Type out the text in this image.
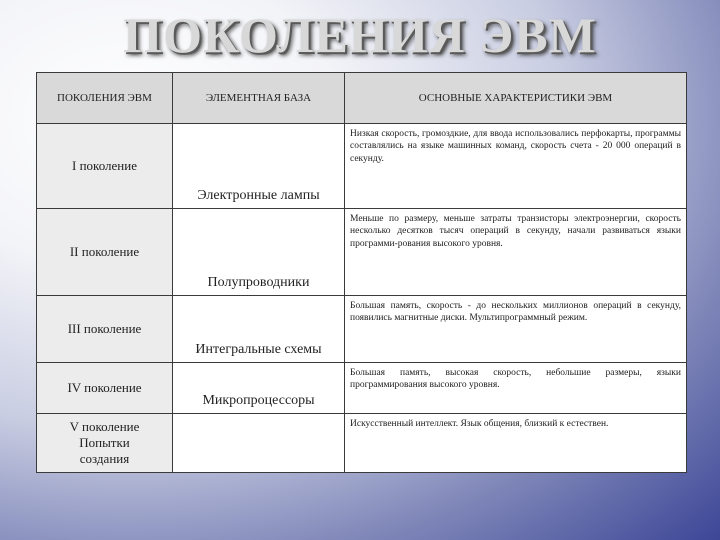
ПОКОЛЕНИЯ ЭВМ
ПОКОЛЕНИЯ ЭВМ	ЭЛЕМЕНТНАЯ БАЗА	ОСНОВНЫЕ ХАРАКТЕРИСТИКИ ЭВМ
I поколение	Электронные лампы	Низкая скорость, громоздкие, для ввода использовались перфокарты, программы составлялись на языке машинных команд, скорость счета - 20 000 операций в секунду.
II поколение	Полупроводники	Меньше по размеру, меньше затраты транзисторы электроэнергии, скорость несколько десятков тысяч операций в секунду, начали развиваться языки программи-рования высокого уровня.
III поколение	Интегральные схемы	Большая память, скорость - до нескольких миллионов операций в секунду, появились магнитные диски. Мультипрограммный режим.
IV поколение	Микропроцессоры	Большая память, высокая скорость, небольшие размеры, языки программирования высокого уровня.

V поколение
Попытки
создания		Искусственный интеллект. Язык общения, близкий к естествен.
